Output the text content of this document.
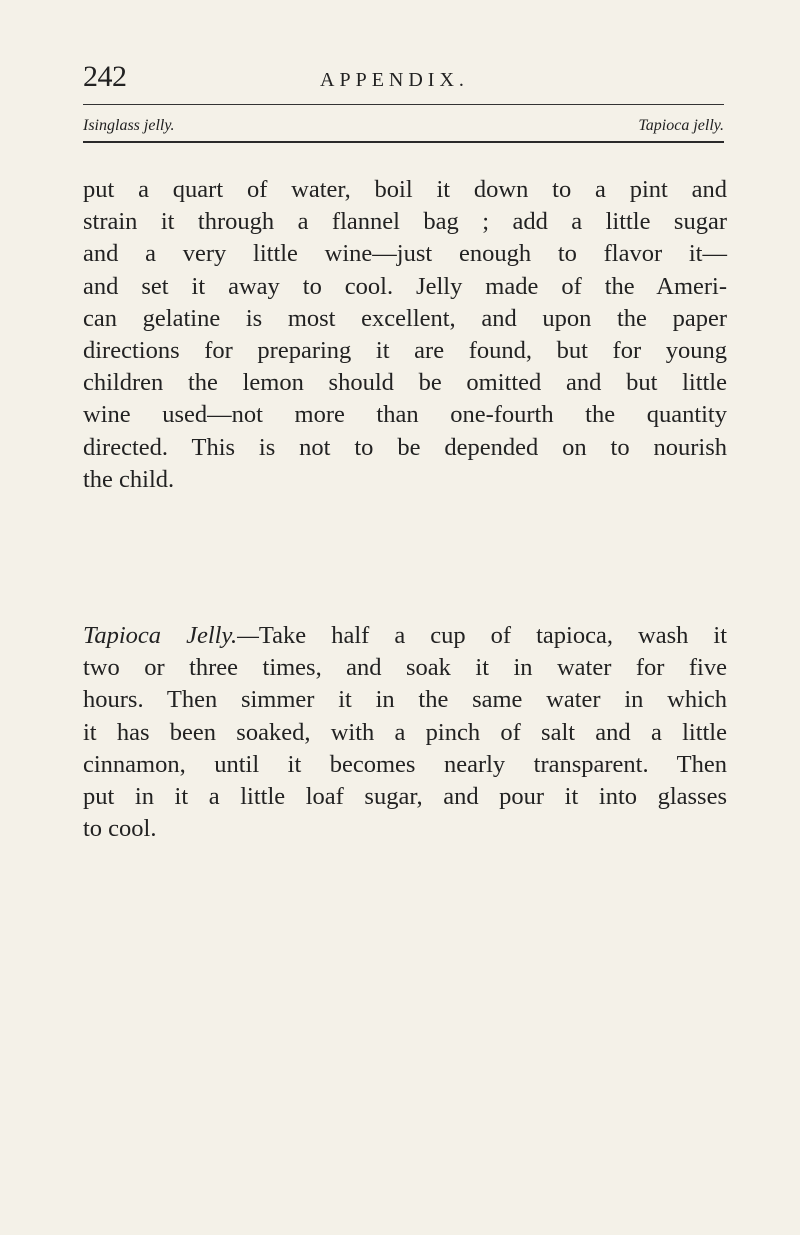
242	APPENDIX.
Isinglass jelly.	Tapioca jelly.
put a quart of water, boil it down to a pint and
strain it through a flannel bag ; add a little sugar
and a very little wine—just enough to flavor it—
and set it away to cool. Jelly made of the Ameri-
can gelatine is most excellent, and upon the paper
directions for preparing it are found, but for young
children the lemon should be omitted and but little
wine used—not more than one-fourth the quantity
directed. This is not to be depended on to nourish
the child.
Tapioca Jelly.—Take half a cup of tapioca, wash it
two or three times, and soak it in water for five
hours. Then simmer it in the same water in which
it has been soaked, with a pinch of salt and a little
cinnamon, until it becomes nearly transparent. Then
put in it a little loaf sugar, and pour it into glasses
to cool.
